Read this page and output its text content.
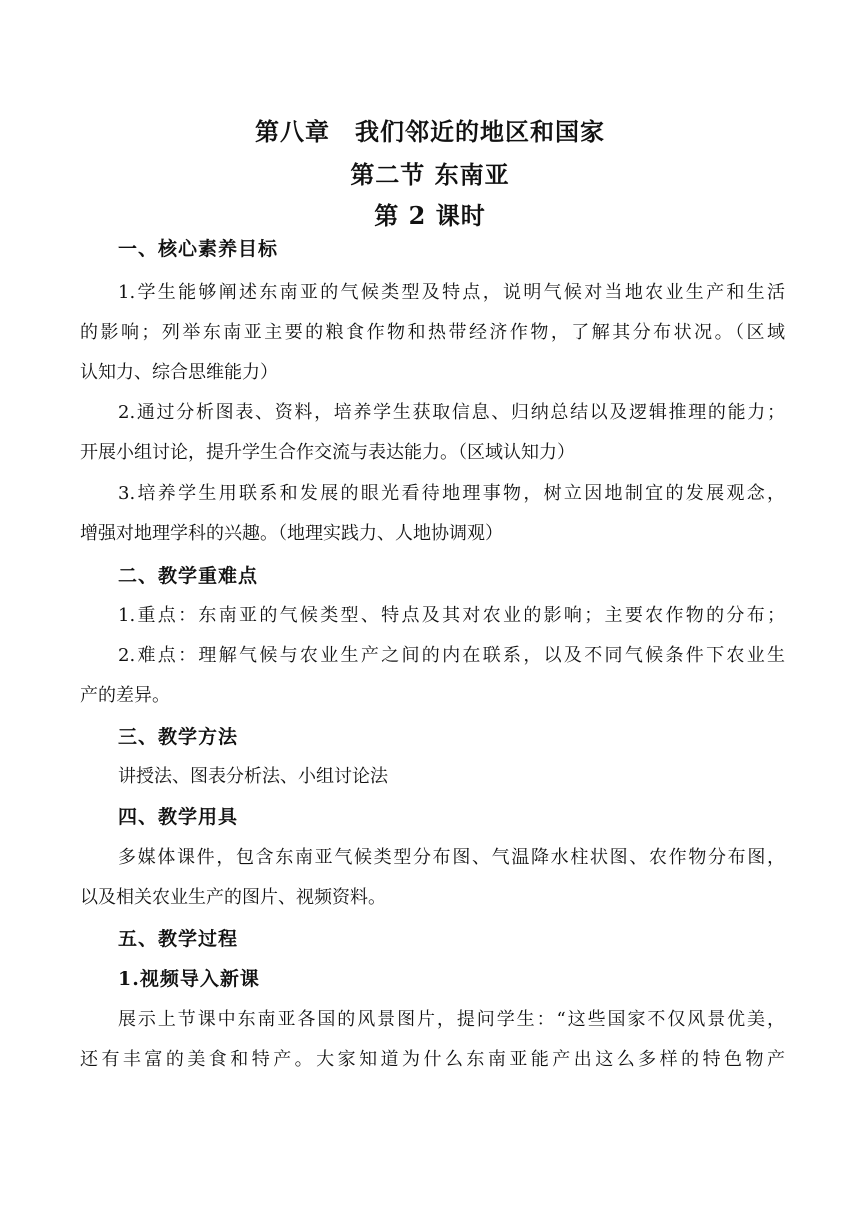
第八章　我们邻近的地区和国家
第二节 东南亚
第 2 课时
一、核心素养目标
1.学生能够阐述东南亚的气候类型及特点，说明气候对当地农业生产和生活
的影响；列举东南亚主要的粮食作物和热带经济作物，了解其分布状况。（区域
认知力、综合思维能力）
2.通过分析图表、资料，培养学生获取信息、归纳总结以及逻辑推理的能力；
开展小组讨论，提升学生合作交流与表达能力。（区域认知力）
3.培养学生用联系和发展的眼光看待地理事物，树立因地制宜的发展观念，
增强对地理学科的兴趣。（地理实践力、人地协调观）
二、教学重难点
1.重点：东南亚的气候类型、特点及其对农业的影响；主要农作物的分布；
2.难点：理解气候与农业生产之间的内在联系，以及不同气候条件下农业生
产的差异。
三、教学方法
讲授法、图表分析法、小组讨论法
四、教学用具
多媒体课件，包含东南亚气候类型分布图、气温降水柱状图、农作物分布图，
以及相关农业生产的图片、视频资料。
五、教学过程
1.视频导入新课
展示上节课中东南亚各国的风景图片，提问学生：“这些国家不仅风景优美，
还有丰富的美食和特产。大家知道为什么东南亚能产出这么多样的特色物产
